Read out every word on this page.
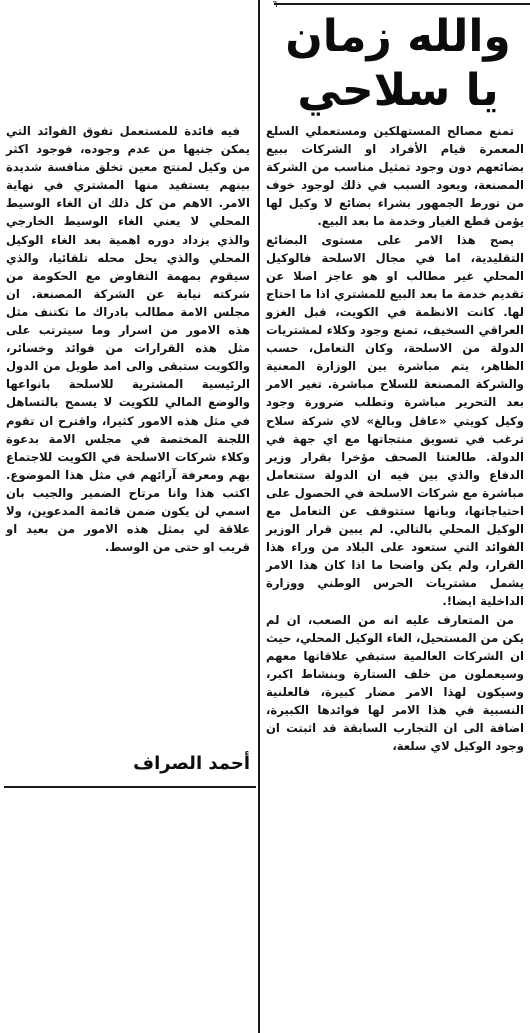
٦
والله زمان
يا سلاحي

تمنع مصالح المستهلكين ومستعملي السلع المعمرة قيام الأفراد او الشركات ببيع بضائعهم دون وجود تمثيل مناسب من الشركة المصنعة، ويعود السبب في ذلك لوجود خوف من تورط الجمهور بشراء بضائع لا وكيل لها يؤمن قطع الغيار وخدمة ما بعد البيع.

يصح هذا الامر على مستوى البضائع التقليدية، اما في مجال الاسلحة فالوكيل المحلي غير مطالب او هو عاجز اصلا عن تقديم خدمة ما بعد البيع للمشتري اذا ما احتاج لها. كانت الانظمة في الكويت، قبل الغزو العراقي السخيف، تمنع وجود وكلاء لمشتريات الدولة من الاسلحة، وكان التعامل، حسب الظاهر، يتم مباشرة بين الوزارة المعنية والشركة المصنعة للسلاح مباشرة. تغير الامر بعد التحرير مباشرة وتطلب ضرورة وجود وكيل كويتي «عاقل وبالغ» لاي شركة سلاح ترغب في تسويق منتجاتها مع اي جهة في الدولة. طالعتنا الصحف مؤخرا بقرار وزير الدفاع والذي بين فيه ان الدولة ستتعامل مباشرة مع شركات الاسلحة في الحصول على احتياجاتها، وبانها ستتوقف عن التعامل مع الوكيل المحلي بالتالي. لم يبين قرار الوزير الفوائد التي ستعود على البلاد من وراء هذا القرار، ولم يكن واضحا ما اذا كان هذا الامر يشمل مشتريات الحرس الوطني ووزارة الداخلية ايضا!.

من المتعارف عليه انه من الصعب، ان لم يكن من المستحيل، الغاء الوكيل المحلي، حيث ان الشركات العالمية ستبقي علاقاتها معهم وسيعملون من خلف الستارة وبنشاط اكبر، وسيكون لهذا الامر مضار كبيرة، فالعلنية النسبية في هذا الامر لها فوائدها الكبيرة، اضافة الى ان التجارب السابقة قد اثبتت ان وجود الوكيل لاي سلعة،

فيه فائدة للمستعمل تفوق الفوائد التي يمكن جنيها من عدم وجوده، فوجود اكثر من وكيل لمنتج معين تخلق منافسة شديدة بينهم يستفيد منها المشتري في نهاية الامر. الاهم من كل ذلك ان الغاء الوسيط المحلي لا يعني الغاء الوسيط الخارجي والذي يزداد دوره اهمية بعد الغاء الوكيل المحلي والذي يحل محله تلقائيا، والذي سيقوم بمهمة التفاوض مع الحكومة من شركته نيابة عن الشركة المصنعة. ان مجلس الامة مطالب بادراك ما تكتنف مثل هذه الامور من اسرار وما سيترتب على مثل هذه القرارات من فوائد وخسائر، والكويت ستبقى والى امد طويل من الدول الرئيسية المشترية للاسلحة بانواعها والوضع المالي للكويت لا يسمح بالتساهل في مثل هذه الامور كثيرا، واقترح ان تقوم اللجنة المختصة في مجلس الامة بدعوة وكلاء شركات الاسلحة في الكويت للاجتماع بهم ومعرفة آرائهم في مثل هذا الموضوع. اكتب هذا وانا مرتاح الضمير والجيب بان اسمي لن يكون ضمن قائمة المدعوين، ولا علاقة لي بمثل هذه الامور من بعيد او قريب او حتى من الوسط.

أحمد الصراف
